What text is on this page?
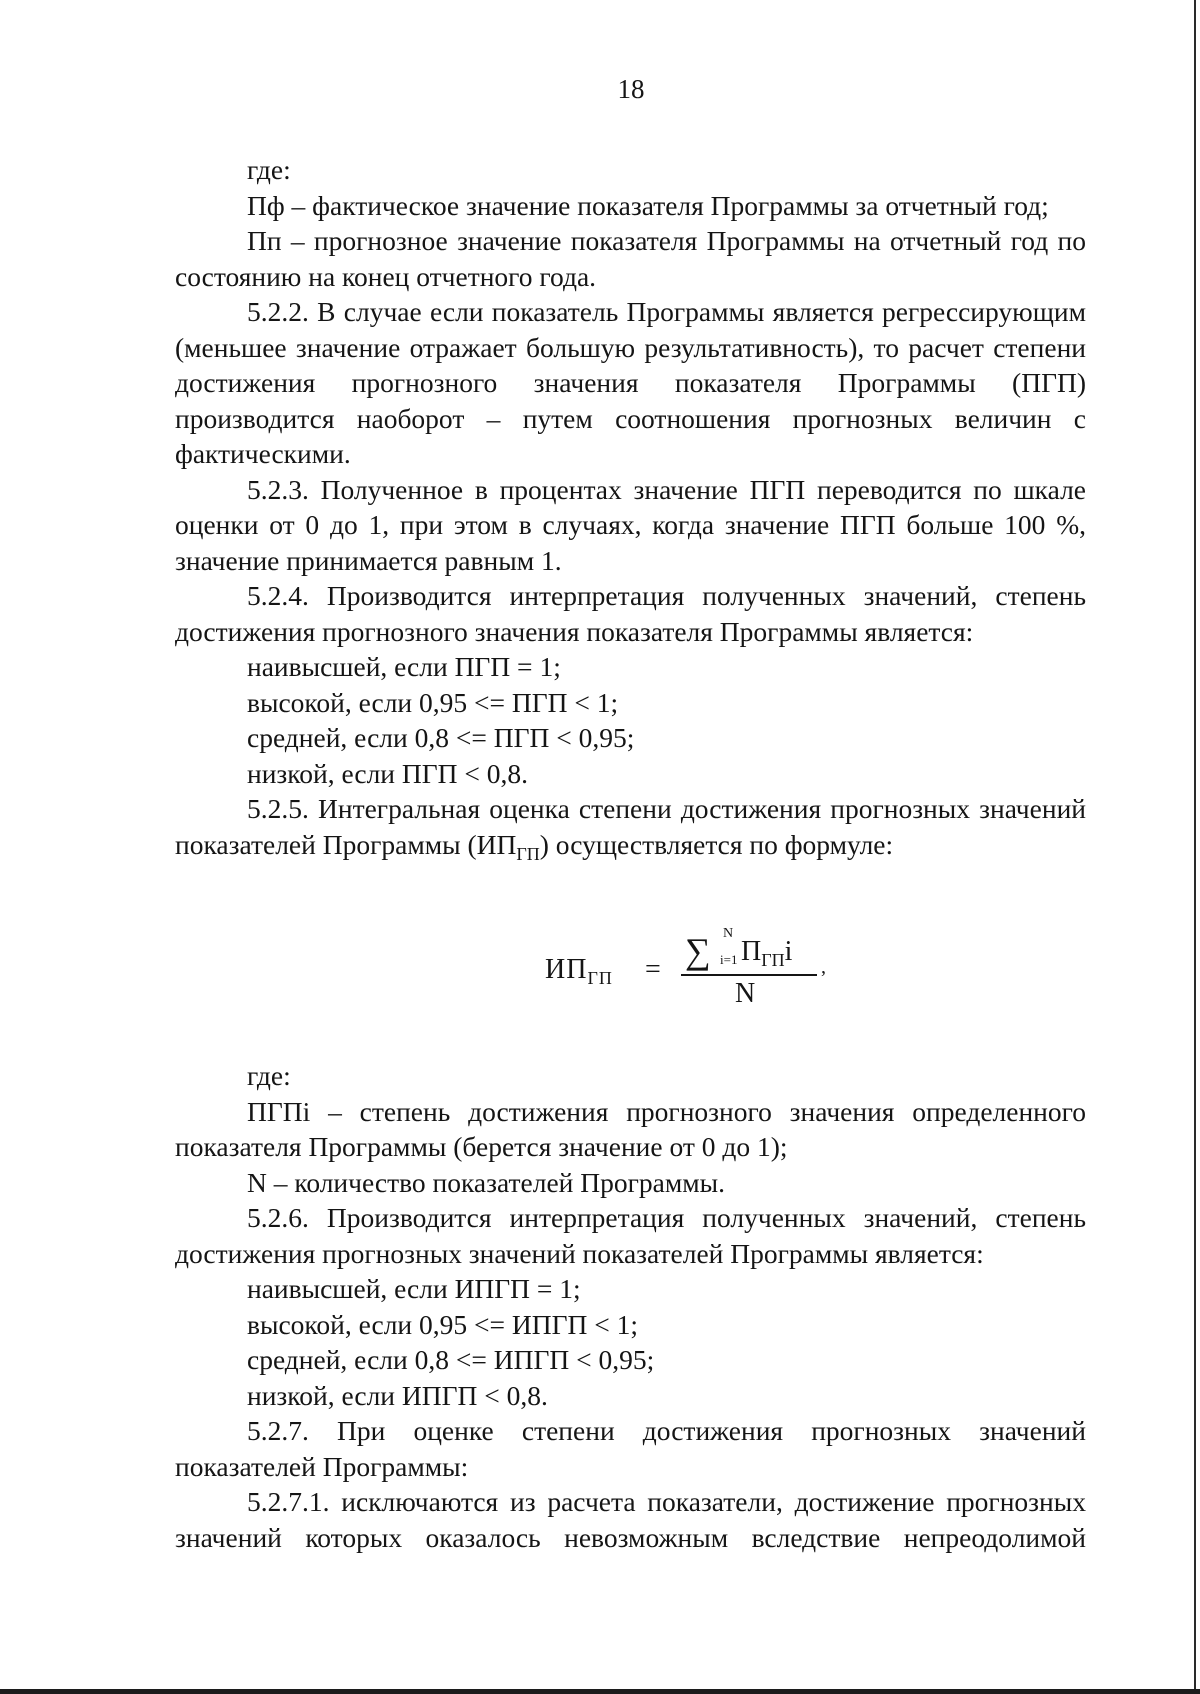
18

где:

Пф – фактическое значение показателя Программы за отчетный год;

Пп – прогнозное значение показателя Программы на отчетный год по состоянию на конец отчетного года.

5.2.2. В случае если показатель Программы является регрессирующим (меньшее значение отражает большую результативность), то расчет степени достижения прогнозного значения показателя Программы (ПГП) производится наоборот – путем соотношения прогнозных величин с фактическими.

5.2.3. Полученное в процентах значение ПГП переводится по шкале оценки от 0 до 1, при этом в случаях, когда значение ПГП больше 100 %, значение принимается равным 1.

5.2.4. Производится интерпретация полученных значений, степень достижения прогнозного значения показателя Программы является:

наивысшей, если ПГП = 1;

высокой, если 0,95 <= ПГП < 1;

средней, если 0,8 <= ПГП < 0,95;

низкой, если ПГП < 0,8.

5.2.5. Интегральная оценка степени достижения прогнозных значений показателей Программы $(ИП_{ГП})$ осуществляется по формуле:

$ИП_{ГП}$ = ∑ N
i=1 $П_{ГП}i$
N
,

где:

ПГПi – степень достижения прогнозного значения определенного показателя Программы (берется значение от 0 до 1);

N – количество показателей Программы.

5.2.6. Производится интерпретация полученных значений, степень достижения прогнозных значений показателей Программы является:

наивысшей, если ИПГП = 1;

высокой, если 0,95 <= ИПГП < 1;

средней, если 0,8 <= ИПГП < 0,95;

низкой, если ИПГП < 0,8.

5.2.7. При оценке степени достижения прогнозных значений показателей Программы:

5.2.7.1. исключаются из расчета показатели, достижение прогнозных значений которых оказалось невозможным вследствие непреодолимой
